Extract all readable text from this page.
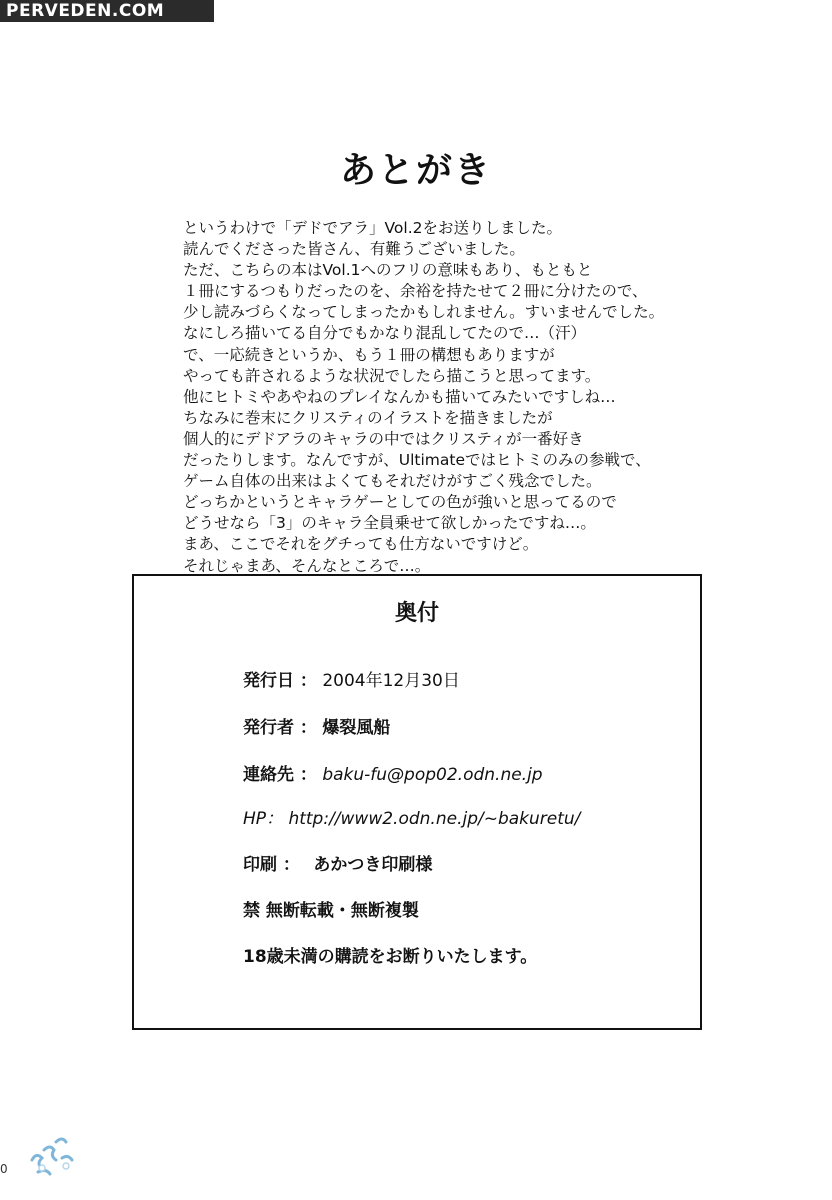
PERVEDEN.COM
あとがき
というわけで「デドでアラ」Vol.2をお送りしました。
読んでくださった皆さん、有難うございました。
ただ、こちらの本はVol.1へのフリの意味もあり、もともと
１冊にするつもりだったのを、余裕を持たせて２冊に分けたので、
少し読みづらくなってしまったかもしれません。すいませんでした。
なにしろ描いてる自分でもかなり混乱してたので…（汗）
で、一応続きというか、もう１冊の構想もありますが
やっても許されるような状況でしたら描こうと思ってます。
他にヒトミやあやねのプレイなんかも描いてみたいですしね…
ちなみに巻末にクリスティのイラストを描きましたが
個人的にデドアラのキャラの中ではクリスティが一番好き
だったりします。なんですが、Ultimateではヒトミのみの参戦で、
ゲーム自体の出来はよくてもそれだけがすごく残念でした。
どっちかというとキャラゲーとしての色が強いと思ってるので
どうせなら「3」のキャラ全員乗せて欲しかったですね…。
まあ、ここでそれをグチっても仕方ないですけど。
それじゃまあ、そんなところで…。
奥付
発行日 ： 2004年12月30日
発行者 ： 爆裂風船
連絡先 ： baku-fu@pop02.odn.ne.jp
HP： http://www2.odn.ne.jp/~bakuretu/
印刷 ： あかつき印刷様
禁 無断転載・無断複製
18歳未満の購読をお断りいたします。
0
